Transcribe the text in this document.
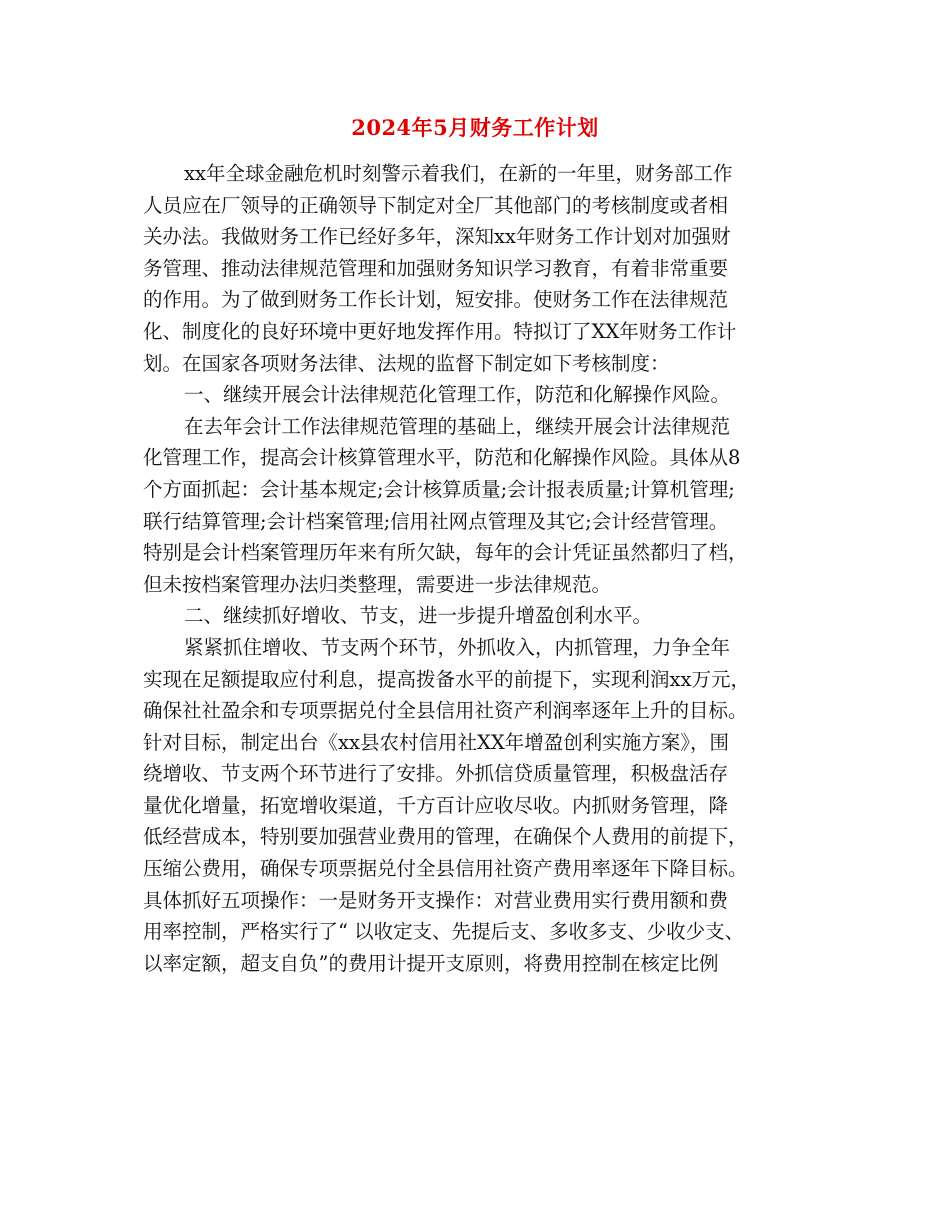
2024年5月财务工作计划
xx年全球金融危机时刻警示着我们，在新的一年里，财务部工作
人员应在厂领导的正确领导下制定对全厂其他部门的考核制度或者相
关办法。我做财务工作已经好多年，深知xx年财务工作计划对加强财
务管理、推动法律规范管理和加强财务知识学习教育，有着非常重要
的作用。为了做到财务工作长计划，短安排。使财务工作在法律规范
化、制度化的良好环境中更好地发挥作用。特拟订了XX年财务工作计
划。在国家各项财务法律、法规的监督下制定如下考核制度：
一、继续开展会计法律规范化管理工作，防范和化解操作风险。
在去年会计工作法律规范管理的基础上，继续开展会计法律规范
化管理工作，提高会计核算管理水平，防范和化解操作风险。具体从8
个方面抓起：会计基本规定;会计核算质量;会计报表质量;计算机管理;
联行结算管理;会计档案管理;信用社网点管理及其它;会计经营管理。
特别是会计档案管理历年来有所欠缺，每年的会计凭证虽然都归了档，
但未按档案管理办法归类整理，需要进一步法律规范。
二、继续抓好增收、节支，进一步提升增盈创利水平。
紧紧抓住增收、节支两个环节，外抓收入，内抓管理，力争全年
实现在足额提取应付利息，提高拨备水平的前提下，实现利润xx万元，
确保社社盈余和专项票据兑付全县信用社资产利润率逐年上升的目标。
针对目标，制定出台《xx县农村信用社XX年增盈创利实施方案》，围
绕增收、节支两个环节进行了安排。外抓信贷质量管理，积极盘活存
量优化增量，拓宽增收渠道，千方百计应收尽收。内抓财务管理，降
低经营成本，特别要加强营业费用的管理，在确保个人费用的前提下，
压缩公费用，确保专项票据兑付全县信用社资产费用率逐年下降目标。
具体抓好五项操作：一是财务开支操作：对营业费用实行费用额和费
用率控制，严格实行了“ 以收定支、先提后支、多收多支、少收少支、
以率定额，超支自负”的费用计提开支原则，将费用控制在核定比例
